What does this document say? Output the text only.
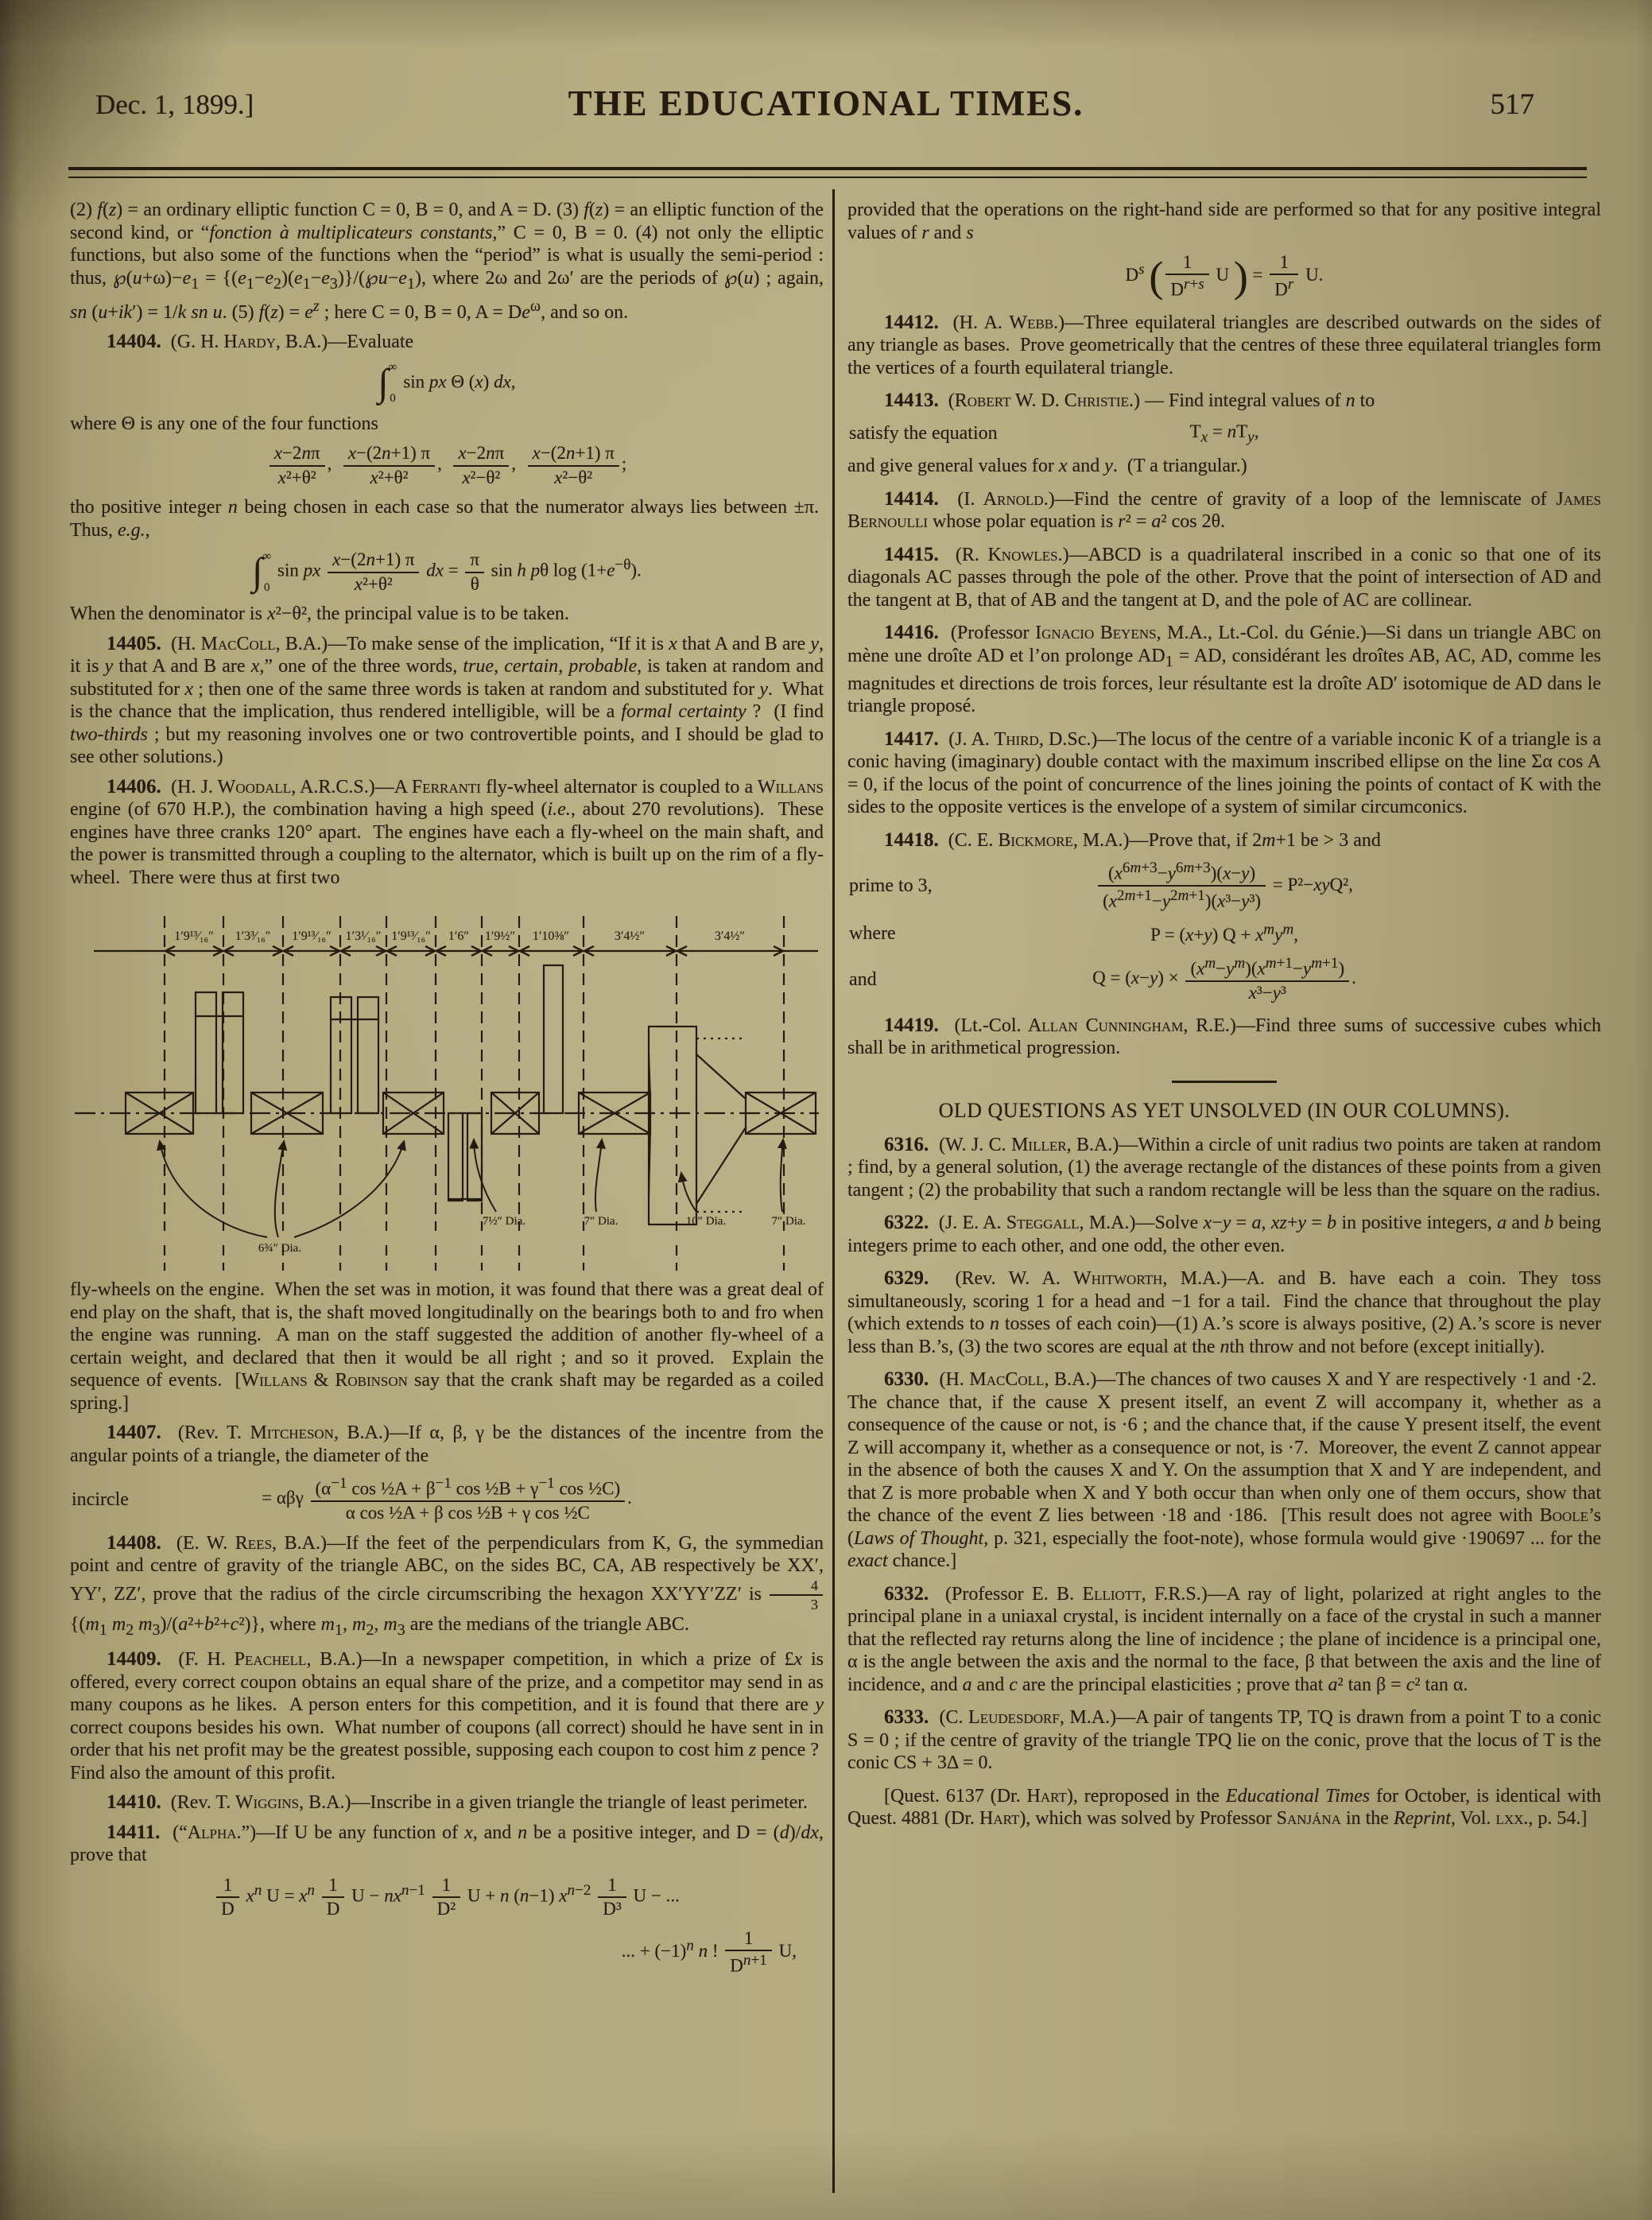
Dec. 1, 1899.]	THE EDUCATIONAL TIMES.	517

(2) f(z) = an ordinary elliptic function C = 0, B = 0, and A = D. (3) f(z) = an elliptic function of the second kind, or “fonction à multiplicateurs constants,” C = 0, B = 0. (4) not only the elliptic functions, but also some of the functions when the “period” is what is usually the semi-period : thus, $℘(u+\omega)-e_1$ = $\{(e_1-e_2)(e_1-e_3)\}/(℘u-e_1)$, where 2ω and 2ω′ are the periods of ℘(u) ; again, sn (u+ik′) = 1/k sn u. (5) $f(z) = e^z$ ; here C = 0, B = 0, $A = De^\omega$, and so on.

14404.  (G. H. Hardy, B.A.)—Evaluate

∫ ∞
0
sin px Θ (x) dx,

where Θ is any one of the four functions

$\frac{x-2n\pi}{\text{x²+θ²}}$ ,  $\frac{x-(2n+1) \pi}{\text{x²+θ²}}$ ,  $\frac{x-2n\pi}{\text{x²−θ²}}$ ,  $\frac{x-(2n+1) \pi}{\text{x²−θ²}}$ ;

tho positive integer n being chosen in each case so that the numerator always lies between ±π.  Thus, e.g.,

∫ ∞
0
sin px $\frac{x-(2n+1) \pi}{\text{x²+θ²}}$ dx = $\frac{\pi}{\theta}$ sin h pθ $\log (1+e^{-\theta})$.

When the denominator is x²−θ², the principal value is to be taken.

14405.  (H. MacColl, B.A.)—To make sense of the implication, “If it is x that A and B are y, it is y that A and B are x,” one of the three words, true, certain, probable, is taken at random and substituted for x ; then one of the same three words is taken at random and substituted for y.  What is the chance that the implication, thus rendered intelligible, will be a formal certainty ?  (I find two-thirds ; but my reasoning involves one or two controvertible points, and I should be glad to see other solutions.)

14406.  (H. J. Woodall, A.R.C.S.)—A Ferranti fly-wheel alternator is coupled to a Willans engine (of 670 H.P.), the combination having a high speed (i.e., about 270 revolutions).  These engines have three cranks 120° apart.  The engines have each a fly-wheel on the main shaft, and the power is transmitted through a coupling to the alternator, which is built up on the rim of a fly-wheel.  There were thus at first two

1′9¹³⁄₁₆″ 1′3³⁄₁₆″ 1′9¹³⁄₁₆″ 1′3¹⁄₁₆″ 1′9¹³⁄₁₆″ 1′6″ 1′9½″ 1′10⅜″	3′4½″	3′4½″
6¾″ Dia.
7½″ Dia.	7″ Dia.	10″ Dia.	7″ Dia.

fly-wheels on the engine.  When the set was in motion, it was found that there was a great deal of end play on the shaft, that is, the shaft moved longitudinally on the bearings both to and fro when the engine was running.  A man on the staff suggested the addition of another fly-wheel of a certain weight, and declared that then it would be all right ; and so it proved.  Explain the sequence of events.  [Willans & Robinson say that the crank shaft may be regarded as a coiled spring.]

14407.  (Rev. T. Mitcheson, B.A.)—If α, β, γ be the distances of the incentre from the angular points of a triangle, the diameter of the

incircle	= αβγ $\frac{(\alpha^{-1} \cos \frac{1}{2}A + \beta^{-1} \cos \frac{1}{2}B + \gamma^{-1} \cos \frac{1}{2}C)}{\text{α cos ½A + β cos ½B + γ cos ½C}}$ .

14408.  (E. W. Rees, B.A.)—If the feet of the perpendiculars from K, G, the symmedian point and centre of gravity of the triangle ABC, on the sides BC, CA, AB respectively be XX′, YY′, ZZ′, prove that the radius of the circle circumscribing the hexagon XX′YY′ZZ′ is $\frac{4}{3}$
{($m_1$ $m_2$ $m_3)/(a^2+b^2+c^2)$}, where $m_1$, $m_2$, $m_3$ are the medians of the triangle ABC.

14409.  (F. H. Peachell, B.A.)—In a newspaper competition, in which a prize of £x is offered, every correct coupon obtains an equal share of the prize, and a competitor may send in as many coupons as he likes.  A person enters for this competition, and it is found that there are y correct coupons besides his own.  What number of coupons (all correct) should he have sent in in order that his net profit may be the greatest possible, supposing each coupon to cost him z pence ?  Find also the amount of this profit.

14410.  (Rev. T. Wiggins, B.A.)—Inscribe in a given triangle the triangle of least perimeter.

14411.  (“Alpha.”)—If U be any function of x, and n be a positive integer, and D = (d)/dx, prove that

$\frac{1}{D} x^n$ $U = x^n \frac{1}{D}$ $U - nx^{n-1} \frac{1}{\text{D²}}$ U + n (n−1) $x^{n-2} \frac{1}{\text{D³}}$ U − ...
... + $(-1)^n$ n ! $\frac{1}{D^{n+1}} U$,

provided that the operations on the right-hand side are performed so that for any positive integral values of r and s

$D^s$ ( $\frac{1}{D^{r+s}}$ U ) = $\frac{1}{D^r} U$.

14412.  (H. A. Webb.)—Three equilateral triangles are described outwards on the sides of any triangle as bases.  Prove geometrically that the centres of these three equilateral triangles form the vertices of a fourth equilateral triangle.

14413.  (Robert W. D. Christie.) — Find integral values of n to

satisfy the equation	$T_x = nT_y$,

and give general values for x and y.  (T a triangular.)

14414.  (I. Arnold.)—Find the centre of gravity of a loop of the lemniscate of James Bernoulli whose polar equation is r² = a² cos 2θ.

14415.  (R. Knowles.)—ABCD is a quadrilateral inscribed in a conic so that one of its diagonals AC passes through the pole of the other. Prove that the point of intersection of AD and the tangent at B, that of AB and the tangent at D, and the pole of AC are collinear.

14416.  (Professor Ignacio Beyens, M.A., Lt.-Col. du Génie.)—Si dans un triangle ABC on mène une droîte AD et l’on prolonge $AD_1$ = AD, considérant les droîtes AB, AC, AD, comme les magnitudes et directions de trois forces, leur résultante est la droîte AD′ isotomique de AD dans le triangle proposé.

14417.  (J. A. Third, D.Sc.)—The locus of the centre of a variable inconic K of a triangle is a conic having (imaginary) double contact with the maximum inscribed ellipse on the line Σα cos A = 0, if the locus of the point of concurrence of the lines joining the points of contact of K with the sides to the opposite vertices is the envelope of a system of similar circumconics.

14418.  (C. E. Bickmore, M.A.)—Prove that, if 2m+1 be > 3 and

prime to 3,	$\frac{(x^{6m+3}-y^{6m+3})(x-y)}{(x^{2m+1}-y^{2m+1})(x^3-y^3)} = P^2-xyQ^2$,
where	P = (x+y) $Q + x^my^m$,
and	$Q = (x-y) \times \frac{(x^m-y^m)(x^{m+1}-y^{m+1})}{\text{x³−y³}}$ .

14419.  (Lt.-Col. Allan Cunningham, R.E.)—Find three sums of successive cubes which shall be in arithmetical progression.

OLD QUESTIONS AS YET UNSOLVED (IN OUR COLUMNS).

6316.  (W. J. C. Miller, B.A.)—Within a circle of unit radius two points are taken at random ; find, by a general solution, (1) the average rectangle of the distances of these points from a given tangent ; (2) the probability that such a random rectangle will be less than the square on the radius.

6322.  (J. E. A. Steggall, M.A.)—Solve x−y = a, xz+y = b in positive integers, a and b being integers prime to each other, and one odd, the other even.

6329.  (Rev. W. A. Whitworth, M.A.)—A. and B. have each a coin. They toss simultaneously, scoring 1 for a head and −1 for a tail.  Find the chance that throughout the play (which extends to n tosses of each coin)—(1) A.’s score is always positive, (2) A.’s score is never less than B.’s, (3) the two scores are equal at the nth throw and not before (except initially).

6330.  (H. MacColl, B.A.)—The chances of two causes X and Y are respectively ·1 and ·2.  The chance that, if the cause X present itself, an event Z will accompany it, whether as a consequence of the cause or not, is ·6 ; and the chance that, if the cause Y present itself, the event Z will accompany it, whether as a consequence or not, is ·7.  Moreover, the event Z cannot appear in the absence of both the causes X and Y. On the assumption that X and Y are independent, and that Z is more probable when X and Y both occur than when only one of them occurs, show that the chance of the event Z lies between ·18 and ·186.  [This result does not agree with Boole’s (Laws of Thought, p. 321, especially the foot-note), whose formula would give ·190697 ... for the exact chance.]

6332.  (Professor E. B. Elliott, F.R.S.)—A ray of light, polarized at right angles to the principal plane in a uniaxal crystal, is incident internally on a face of the crystal in such a manner that the reflected ray returns along the line of incidence ; the plane of incidence is a principal one, α is the angle between the axis and the normal to the face, β that between the axis and the line of incidence, and a and c are the principal elasticities ; prove that a² tan β = c² tan α.

6333.  (C. Leudesdorf, M.A.)—A pair of tangents TP, TQ is drawn from a point T to a conic S = 0 ; if the centre of gravity of the triangle TPQ lie on the conic, prove that the locus of T is the conic CS + 3Δ = 0.

[Quest. 6137 (Dr. Hart), reproposed in the Educational Times for October, is identical with Quest. 4881 (Dr. Hart), which was solved by Professor Sanjána in the Reprint, Vol. lxx., p. 54.]
